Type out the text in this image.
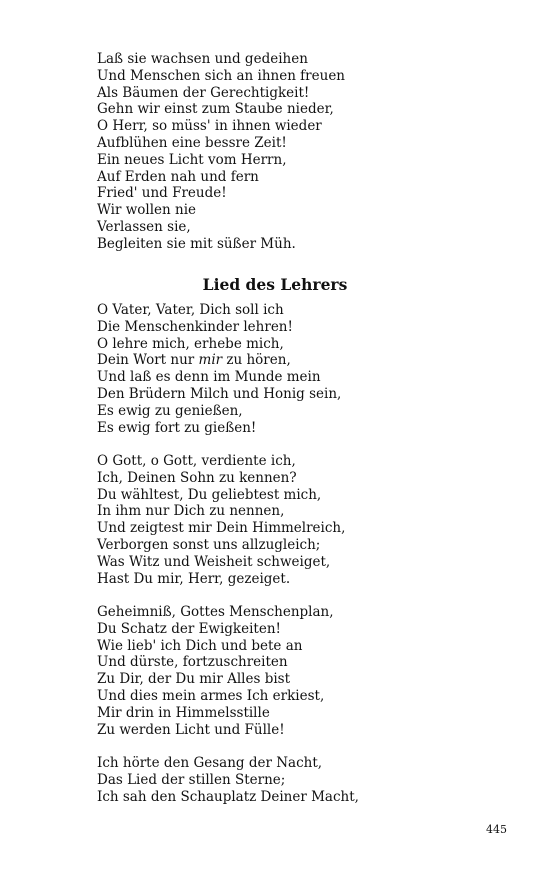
Laß sie wachsen und gedeihen
Und Menschen sich an ihnen freuen
Als Bäumen der Gerechtigkeit!
Gehn wir einst zum Staube nieder,
O Herr, so müss' in ihnen wieder
Aufblühen eine bessre Zeit!
Ein neues Licht vom Herrn,
Auf Erden nah und fern
Fried' und Freude!
Wir wollen nie
Verlassen sie,
Begleiten sie mit süßer Müh.
Lied des Lehrers
O Vater, Vater, Dich soll ich
Die Menschenkinder lehren!
O lehre mich, erhebe mich,
Dein Wort nur mir zu hören,
Und laß es denn im Munde mein
Den Brüdern Milch und Honig sein,
Es ewig zu genießen,
Es ewig fort zu gießen!
O Gott, o Gott, verdiente ich,
Ich, Deinen Sohn zu kennen?
Du wähltest, Du geliebtest mich,
In ihm nur Dich zu nennen,
Und zeigtest mir Dein Himmelreich,
Verborgen sonst uns allzugleich;
Was Witz und Weisheit schweiget,
Hast Du mir, Herr, gezeiget.
Geheimniß, Gottes Menschenplan,
Du Schatz der Ewigkeiten!
Wie lieb' ich Dich und bete an
Und dürste, fortzuschreiten
Zu Dir, der Du mir Alles bist
Und dies mein armes Ich erkiest,
Mir drin in Himmelsstille
Zu werden Licht und Fülle!
Ich hörte den Gesang der Nacht,
Das Lied der stillen Sterne;
Ich sah den Schauplatz Deiner Macht,
445
